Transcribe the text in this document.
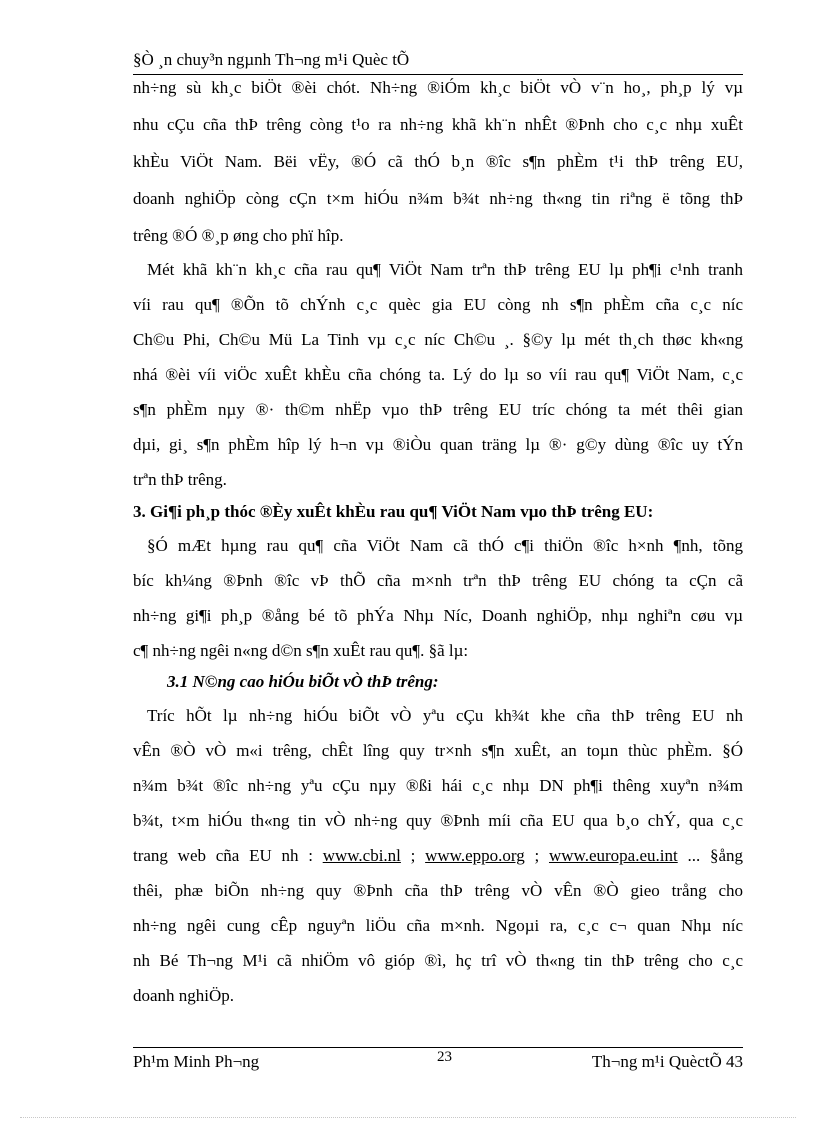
§Ò ¸n chuy³n ngµnh Th¬ng m¹i Quèc tÕ
nh÷ng sù kh¸c biÖt ®èi chót. Nh÷ng ®iÓm kh¸c biÖt vÒ v¨n ho¸, ph¸p lý vµ
nhu cÇu cña thÞ trêng còng t¹o ra nh÷ng khã kh¨n nhÊt ®Þnh cho c¸c nhµ xuÊt
khÈu ViÖt Nam. Bëi vËy, ®Ó cã thÓ b¸n ®îc s¶n phÈm t¹i thÞ trêng EU,
doanh nghiÖp còng cÇn t×m hiÓu n¾m b¾t nh÷ng th«ng tin riªng ë tõng thÞ
trêng ®Ó ®¸p øng cho phï hîp.
Mét khã kh¨n kh¸c cña rau qu¶ ViÖt Nam trªn thÞ trêng EU lµ ph¶i c¹nh tranh
víi rau qu¶ ®Õn tõ chÝnh c¸c quèc gia EU còng nh s¶n phÈm cña c¸c níc
Ch©u Phi, Ch©u Mü La Tinh vµ c¸c níc Ch©u ¸. §©y lµ mét th¸ch thøc kh«ng
nhá ®èi víi viÖc xuÊt khÈu cña chóng ta. Lý do lµ so víi rau qu¶ ViÖt Nam, c¸c
s¶n phÈm nµy ®· th©m nhËp vµo thÞ trêng EU tríc chóng ta mét thêi gian
dµi, gi¸ s¶n phÈm hîp lý h¬n vµ ®iÒu quan träng lµ ®· g©y dùng ®îc uy tÝn
trªn thÞ trêng.
3. Gi¶i ph¸p thóc ®Èy xuÊt khÈu rau qu¶ ViÖt Nam vµo thÞ trêng EU:
§Ó mÆt hµng rau qu¶ cña ViÖt Nam cã thÓ c¶i thiÖn ®îc h×nh ¶nh, tõng
bíc kh¼ng ®Þnh ®îc vÞ thÕ cña m×nh trªn thÞ trêng EU chóng ta cÇn cã
nh÷ng gi¶i ph¸p ®ång bé tõ phÝa Nhµ Níc, Doanh nghiÖp, nhµ nghiªn cøu vµ
c¶ nh÷ng ngêi n«ng d©n s¶n xuÊt rau qu¶. §ã lµ:
3.1 N©ng cao hiÓu biÕt vÒ thÞ trêng:
Tríc hÕt lµ nh÷ng hiÓu biÕt vÒ yªu cÇu kh¾t khe cña thÞ trêng EU nh
vÊn ®Ò vÒ m«i trêng, chÊt lîng quy tr×nh s¶n xuÊt, an toµn thùc phÈm. §Ó
n¾m b¾t ®îc nh÷ng yªu cÇu nµy ®ßi hái c¸c nhµ DN ph¶i thêng xuyªn n¾m
b¾t, t×m hiÓu th«ng tin vÒ nh÷ng quy ®Þnh míi cña EU qua b¸o chÝ, qua c¸c
trang web cña EU nh : www.cbi.nl ; www.eppo.org ; www.europa.eu.int ... §ång
thêi, phæ biÕn nh÷ng quy ®Þnh cña thÞ trêng vÒ vÊn ®Ò gieo trång cho
nh÷ng ngêi cung cÊp nguyªn liÖu cña m×nh. Ngoµi ra, c¸c c¬ quan Nhµ níc
nh Bé Th¬ng M¹i cã nhiÖm vô gióp ®ì, hç trî vÒ th«ng tin thÞ trêng cho c¸c
doanh nghiÖp.
Ph¹m Minh Ph¬ng	23	Th¬ng m¹i QuèctÕ 43
